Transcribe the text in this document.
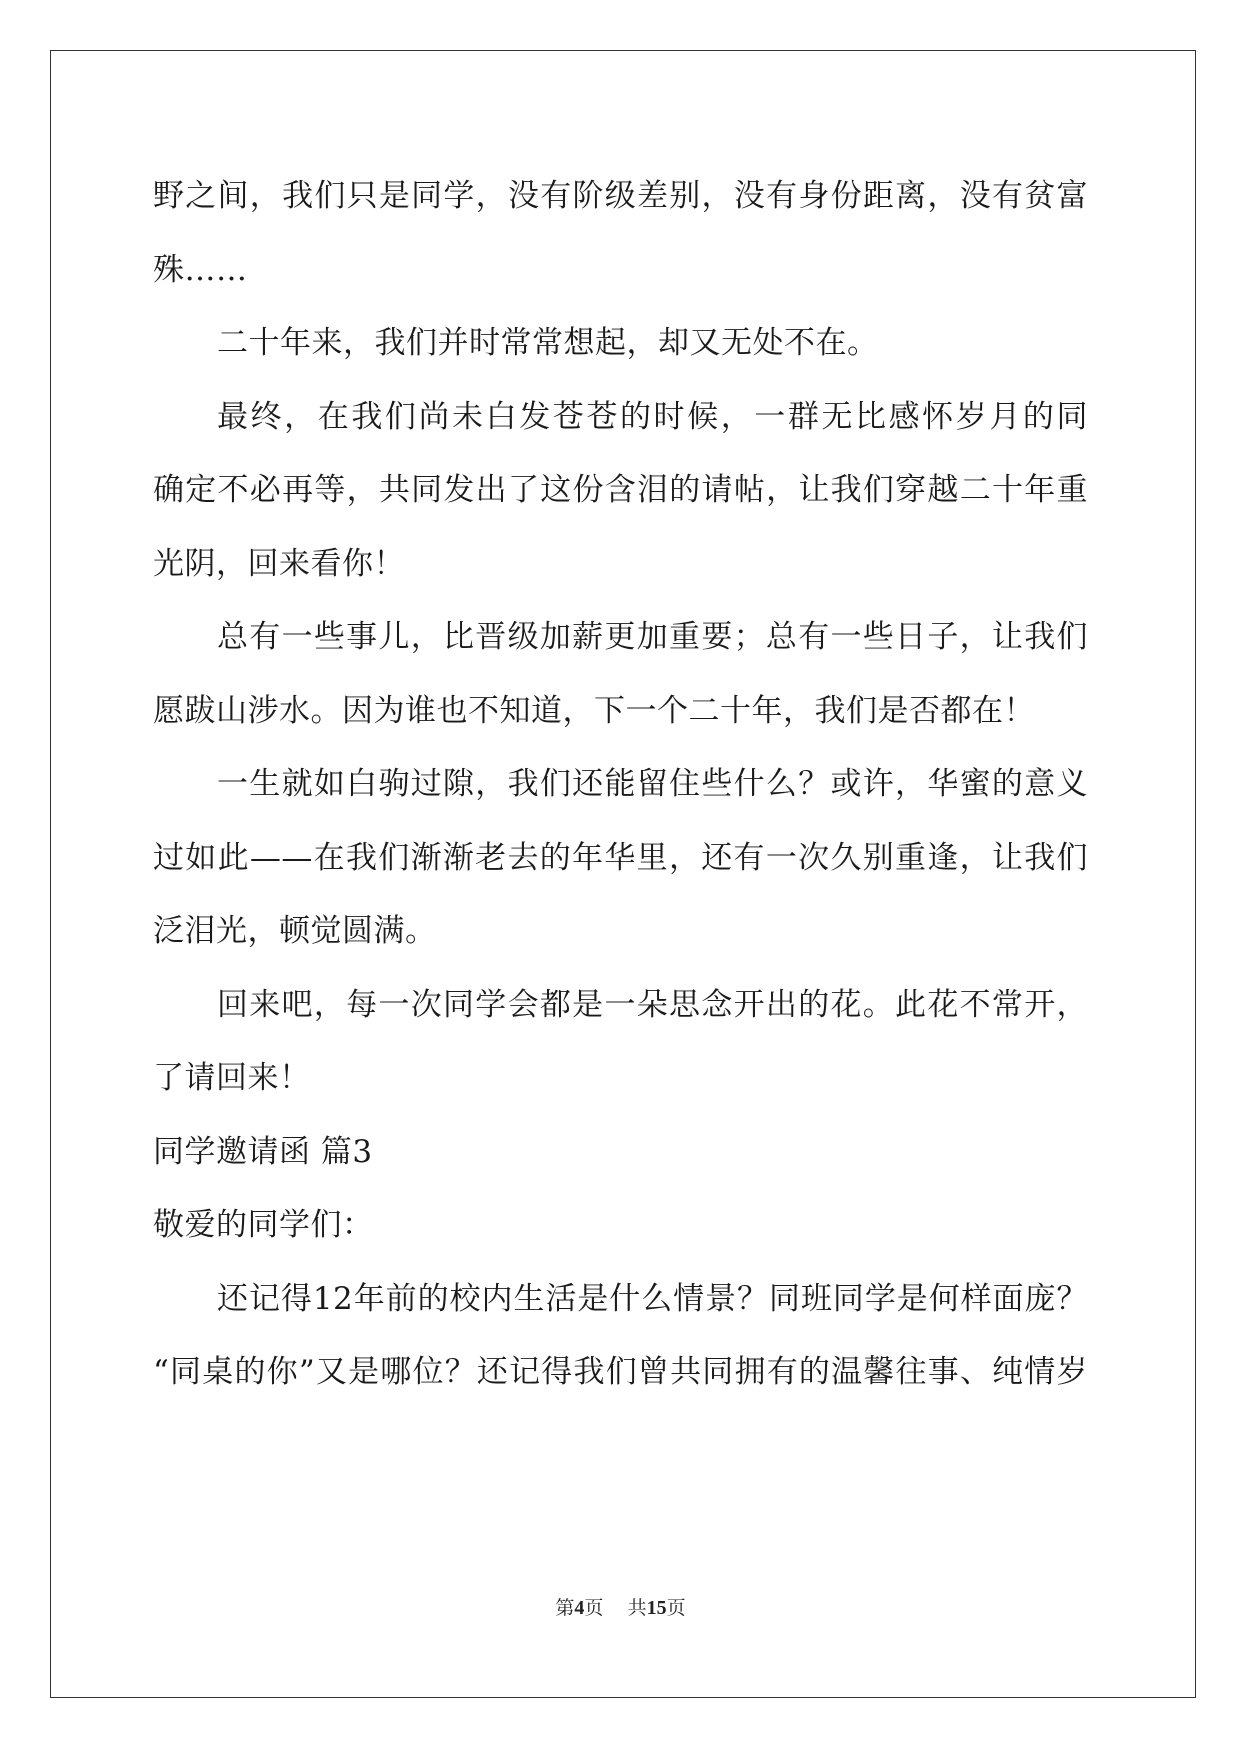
野之间，我们只是同学，没有阶级差别，没有身份距离，没有贫富
殊……
二十年来，我们并时常常想起，却又无处不在。
最终，在我们尚未白发苍苍的时候，一群无比感怀岁月的同
确定不必再等，共同发出了这份含泪的请帖，让我们穿越二十年重
光阴，回来看你！
总有一些事儿，比晋级加薪更加重要；总有一些日子，让我们
愿跋山涉水。因为谁也不知道，下一个二十年，我们是否都在！
一生就如白驹过隙，我们还能留住些什么？或许，华蜜的意义
过如此——在我们渐渐老去的年华里，还有一次久别重逢，让我们
泛泪光，顿觉圆满。
回来吧，每一次同学会都是一朵思念开出的花。此花不常开，
了请回来！
同学邀请函 篇3
敬爱的同学们：
还记得12年前的校内生活是什么情景？同班同学是何样面庞？
“同桌的你”又是哪位？还记得我们曾共同拥有的温馨往事、纯情岁
第4页 共15页
